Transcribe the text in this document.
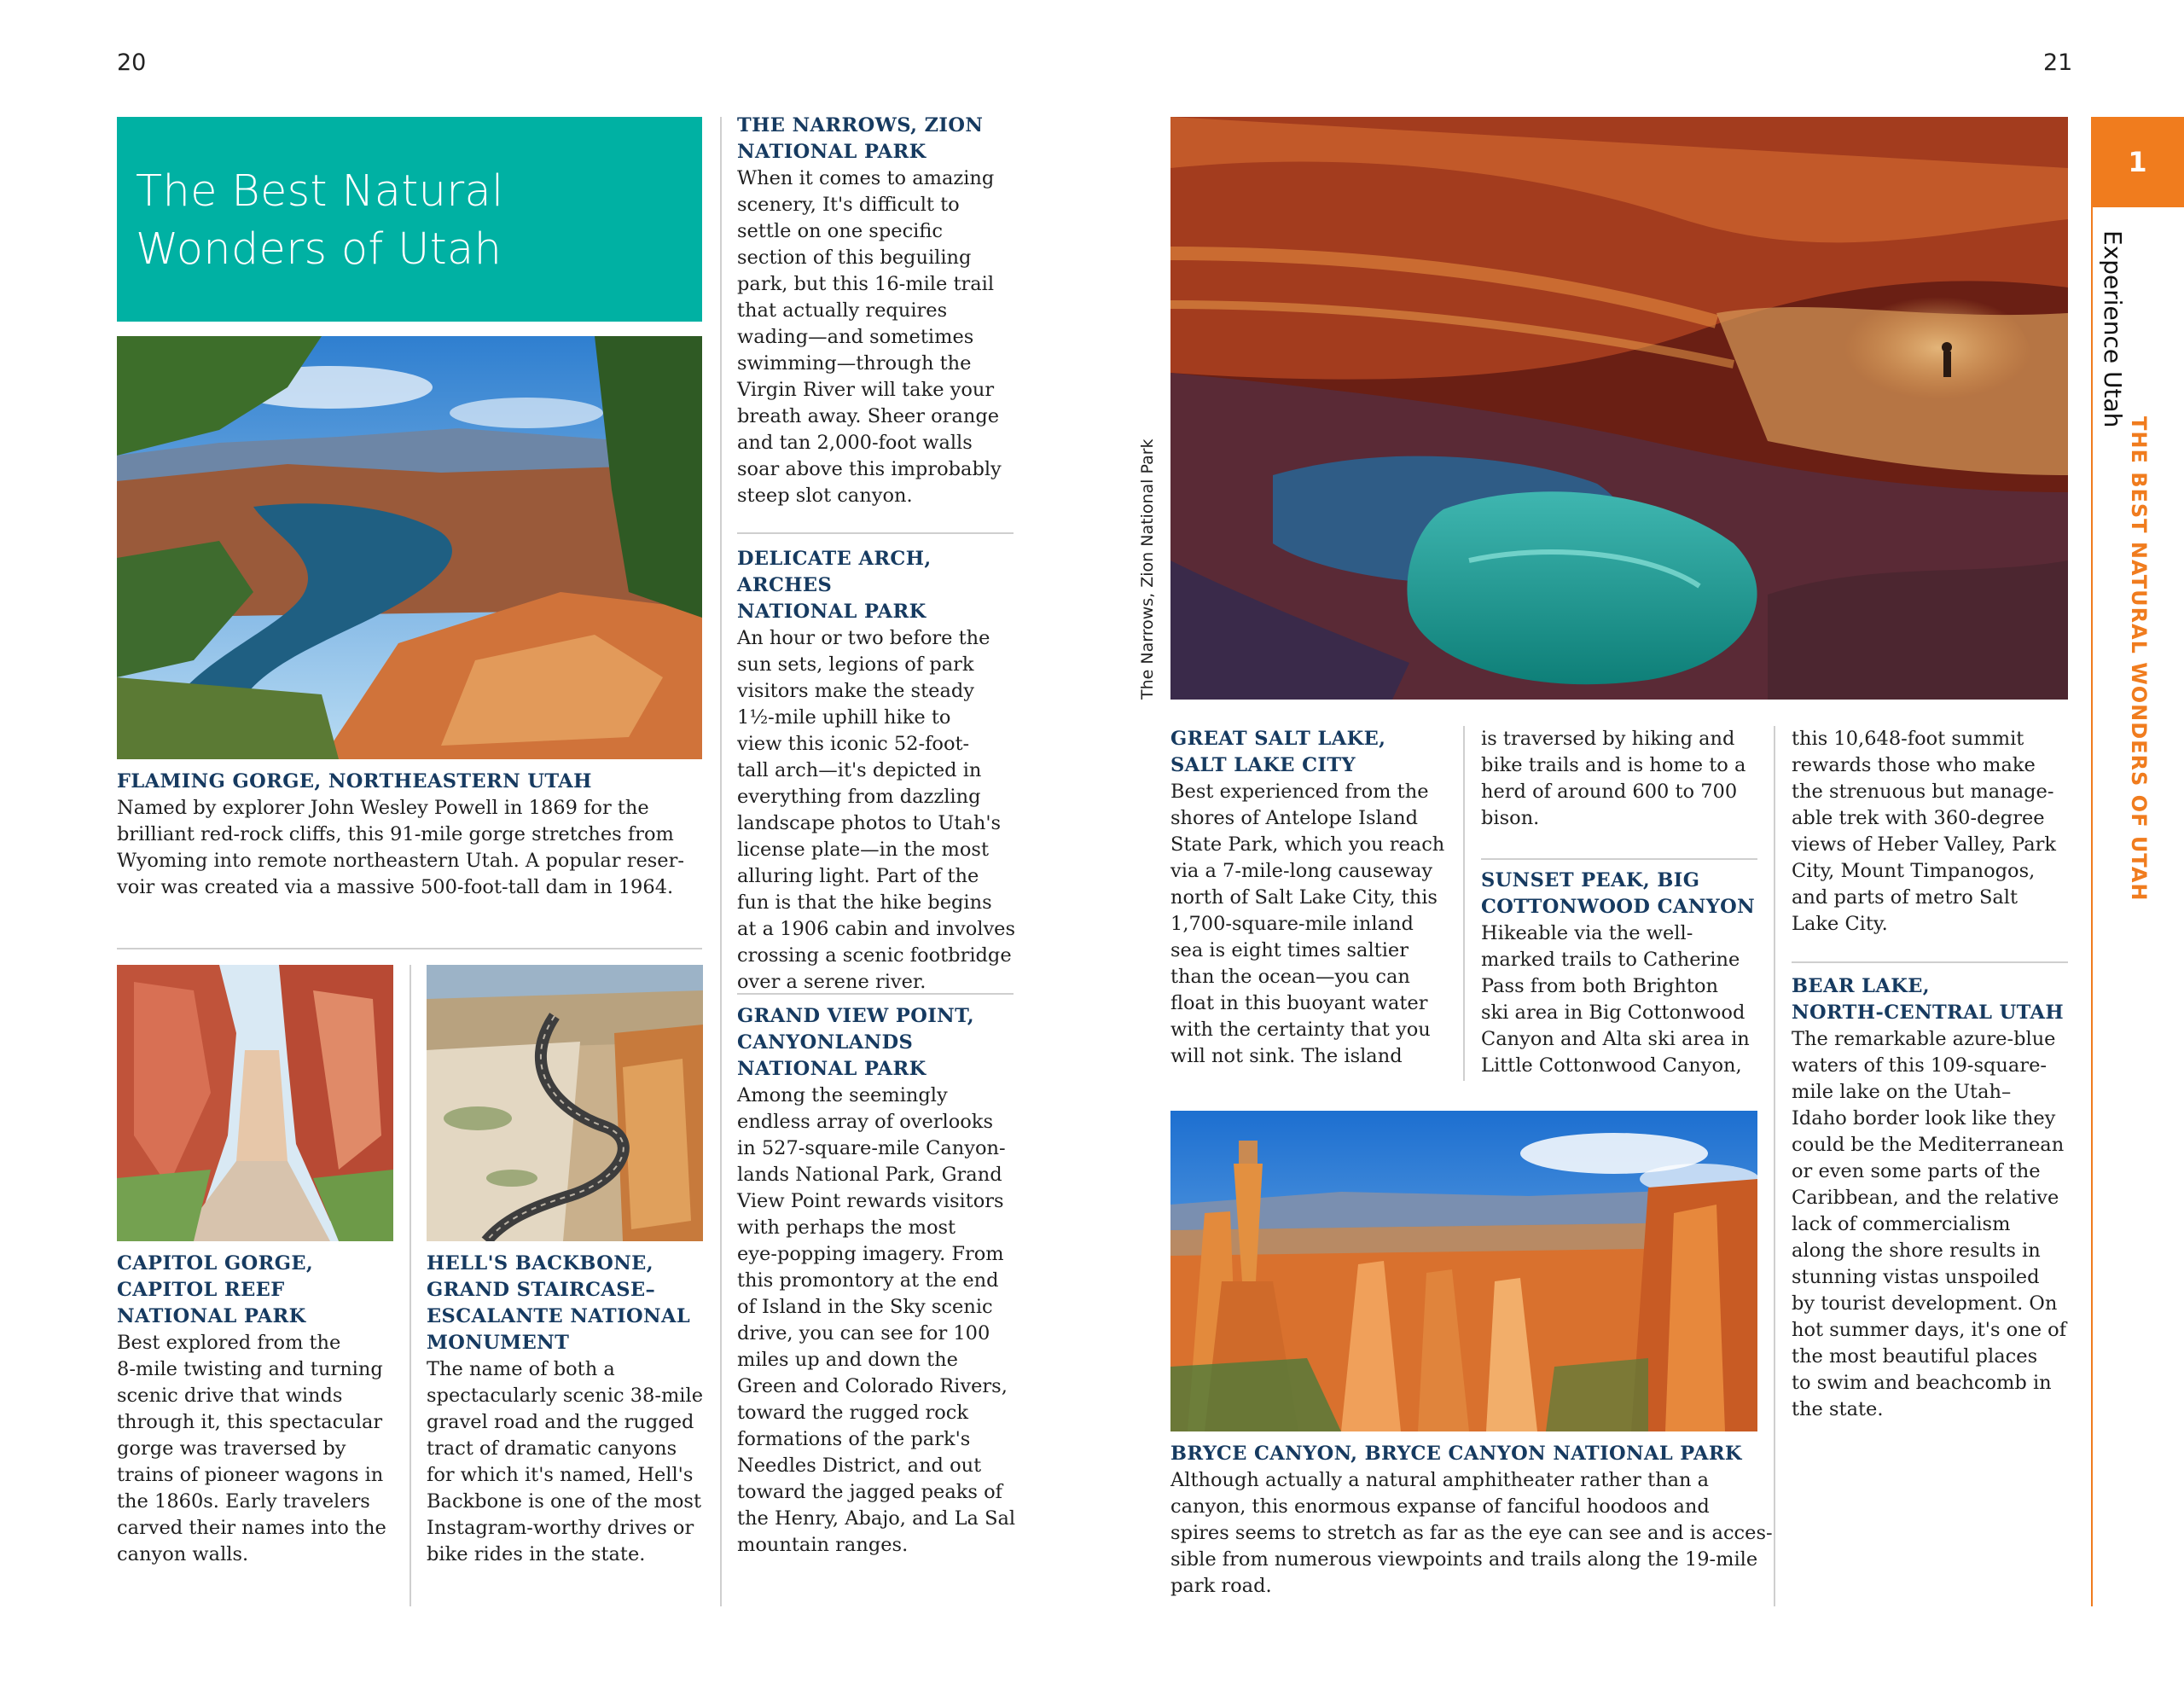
20	21
The Best Natural
Wonders of Utah
FLAMING GORGE, NORTHEASTERN UTAH
Named by explorer John Wesley Powell in 1869 for the
brilliant red-rock cliffs, this 91-mile gorge stretches from
Wyoming into remote northeastern Utah. A popular reser-
voir was created via a massive 500-foot-tall dam in 1964.
CAPITOL GORGE,
CAPITOL REEF
NATIONAL PARK
Best explored from the
8-mile twisting and turning
scenic drive that winds
through it, this spectacular
gorge was traversed by
trains of pioneer wagons in
the 1860s. Early travelers
carved their names into the
canyon walls.
HELL'S BACKBONE,
GRAND STAIRCASE–
ESCALANTE NATIONAL
MONUMENT
The name of both a
spectacularly scenic 38-mile
gravel road and the rugged
tract of dramatic canyons
for which it's named, Hell's
Backbone is one of the most
Instagram-worthy drives or
bike rides in the state.
THE NARROWS, ZION
NATIONAL PARK
When it comes to amazing
scenery, It's difficult to
settle on one specific
section of this beguiling
park, but this 16-mile trail
that actually requires
wading—and sometimes
swimming—through the
Virgin River will take your
breath away. Sheer orange
and tan 2,000-foot walls
soar above this improbably
steep slot canyon.
DELICATE ARCH, ARCHES
NATIONAL PARK
An hour or two before the
sun sets, legions of park
visitors make the steady
1½-mile uphill hike to
view this iconic 52-foot-
tall arch—it's depicted in
everything from dazzling
landscape photos to Utah's
license plate—in the most
alluring light. Part of the
fun is that the hike begins
at a 1906 cabin and involves
crossing a scenic footbridge
over a serene river.
GRAND VIEW POINT,
CANYONLANDS
NATIONAL PARK
Among the seemingly
endless array of overlooks
in 527-square-mile Canyon-
lands National Park, Grand
View Point rewards visitors
with perhaps the most
eye-popping imagery. From
this promontory at the end
of Island in the Sky scenic
drive, you can see for 100
miles up and down the
Green and Colorado Rivers,
toward the rugged rock
formations of the park's
Needles District, and out
toward the jagged peaks of
the Henry, Abajo, and La Sal
mountain ranges.
The Narrows, Zion National Park
GREAT SALT LAKE,
SALT LAKE CITY
Best experienced from the
shores of Antelope Island
State Park, which you reach
via a 7-mile-long causeway
north of Salt Lake City, this
1,700-square-mile inland
sea is eight times saltier
than the ocean—you can
float in this buoyant water
with the certainty that you
will not sink. The island
is traversed by hiking and
bike trails and is home to a
herd of around 600 to 700
bison.
SUNSET PEAK, BIG
COTTONWOOD CANYON
Hikeable via the well-
marked trails to Catherine
Pass from both Brighton
ski area in Big Cottonwood
Canyon and Alta ski area in
Little Cottonwood Canyon,
this 10,648-foot summit
rewards those who make
the strenuous but manage-
able trek with 360-degree
views of Heber Valley, Park
City, Mount Timpanogos,
and parts of metro Salt
Lake City.
BEAR LAKE,
NORTH-CENTRAL UTAH
The remarkable azure-blue
waters of this 109-square-
mile lake on the Utah–
Idaho border look like they
could be the Mediterranean
or even some parts of the
Caribbean, and the relative
lack of commercialism
along the shore results in
stunning vistas unspoiled
by tourist development. On
hot summer days, it's one of
the most beautiful places
to swim and beachcomb in
the state.
BRYCE CANYON, BRYCE CANYON NATIONAL PARK
Although actually a natural amphitheater rather than a
canyon, this enormous expanse of fanciful hoodoos and
spires seems to stretch as far as the eye can see and is acces-
sible from numerous viewpoints and trails along the 19-mile
park road.
1
Experience Utah
THE BEST NATURAL WONDERS OF UTAH
